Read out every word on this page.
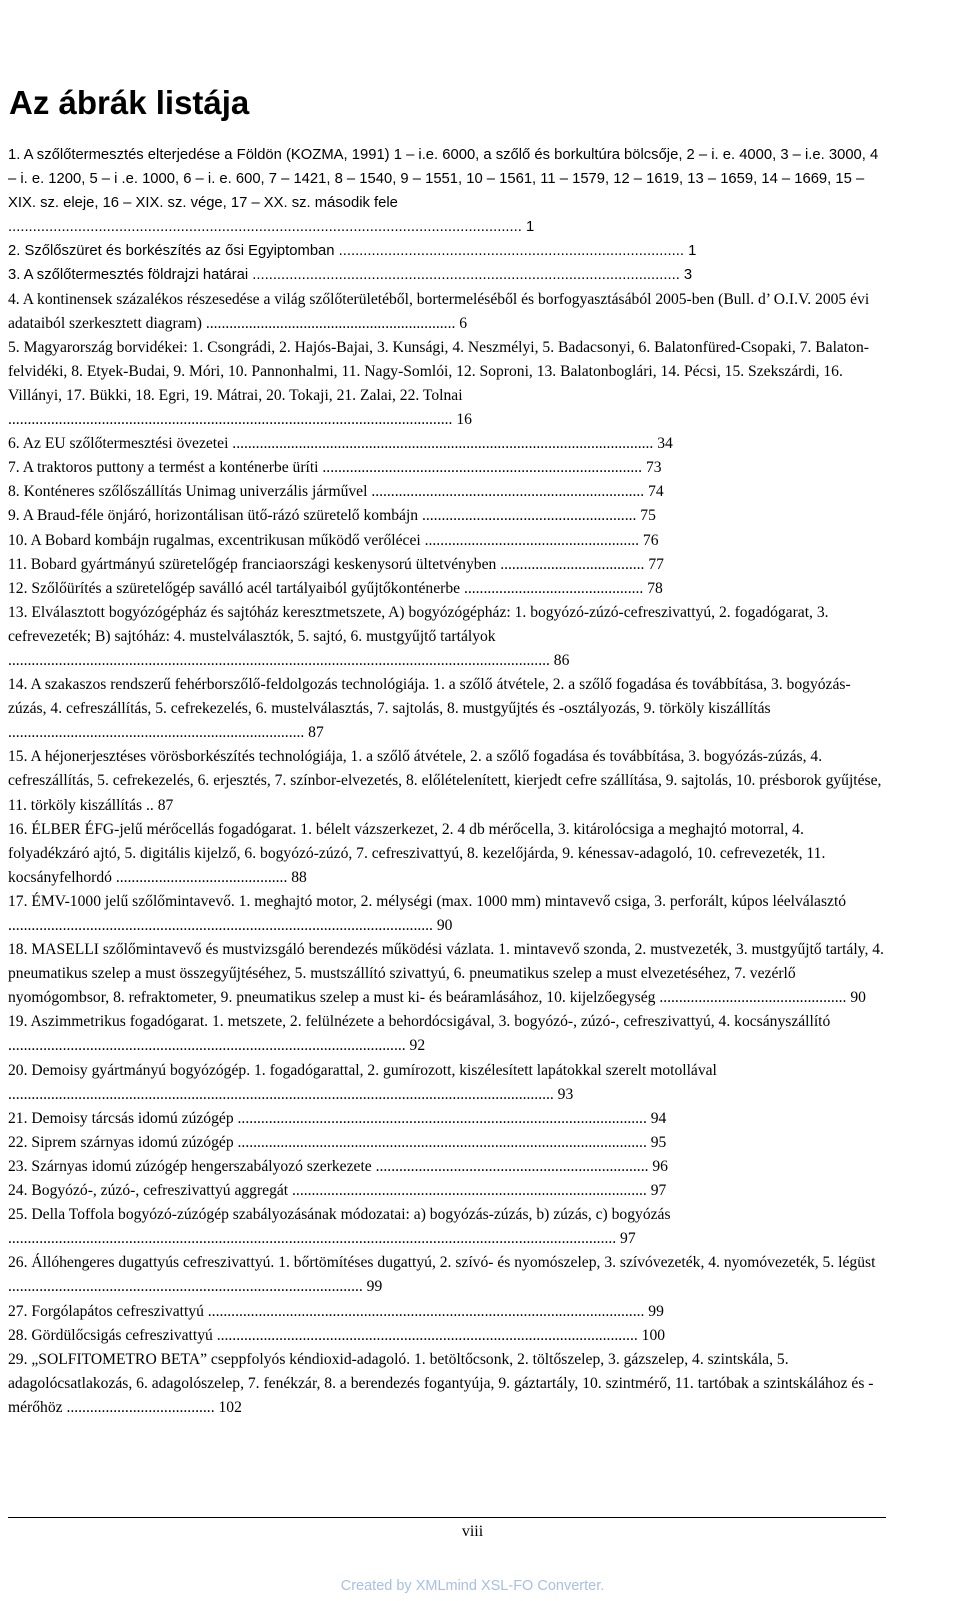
Az ábrák listája

1. A szőlőtermesztés elterjedése a Földön (KOZMA, 1991) 1 – i.e. 6000, a szőlő és borkultúra bölcsője, 2 – i. e. 4000, 3 – i.e. 3000, 4 – i. e. 1200, 5 – i .e. 1000, 6 – i. e. 600, 7 – 1421, 8 – 1540, 9 – 1551, 10 – 1561, 11 – 1579, 12 – 1619, 13 – 1659, 14 – 1669, 15 – XIX. sz. eleje, 16 – XIX. sz. vége, 17 – XX. sz. második fele ............................................................................................................................. 1

2. Szőlőszüret és borkészítés az ősi Egyiptomban .................................................................................... 1

3. A szőlőtermesztés földrajzi határai ........................................................................................................ 3

4. A kontinensek százalékos részesedése a világ szőlőterületéből, bortermeléséből és borfogyasztásából 2005-ben (Bull. d’ O.I.V. 2005 évi adataiból szerkesztett diagram) ................................................................ 6

5. Magyarország borvidékei: 1. Csongrádi, 2. Hajós-Bajai, 3. Kunsági, 4. Neszmélyi, 5. Badacsonyi, 6. Balatonfüred-Csopaki, 7. Balaton-felvidéki, 8. Etyek-Budai, 9. Móri, 10. Pannonhalmi, 11. Nagy-Somlói, 12. Soproni, 13. Balatonboglári, 14. Pécsi, 15. Szekszárdi, 16. Villányi, 17. Bükki, 18. Egri, 19. Mátrai, 20. Tokaji, 21. Zalai, 22. Tolnai .................................................................................................................. 16

6. Az EU szőlőtermesztési övezetei ............................................................................................................ 34

7. A traktoros puttony a termést a konténerbe üríti .................................................................................. 73

8. Konténeres szőlőszállítás Unimag univerzális járművel ...................................................................... 74

9. A Braud-féle önjáró, horizontálisan ütő-rázó szüretelő kombájn ....................................................... 75

10. A Bobard kombájn rugalmas, excentrikusan működő verőlécei ....................................................... 76

11. Bobard gyártmányú szüretelőgép franciaországi keskenysorú ültetvényben ..................................... 77

12. Szőlőürítés a szüretelőgép saválló acél tartályaiból gyűjtőkonténerbe .............................................. 78

13. Elválasztott bogyózógépház és sajtóház keresztmetszete, A) bogyózógépház: 1. bogyózó-zúzó-cefreszivattyú, 2. fogadógarat, 3. cefrevezeték; B) sajtóház: 4. mustelválasztók, 5. sajtó, 6. mustgyűjtő tartályok ........................................................................................................................................... 86

14. A szakaszos rendszerű fehérborszőlő-feldolgozás technológiája. 1. a szőlő átvétele, 2. a szőlő fogadása és továbbítása, 3. bogyózás-zúzás, 4. cefreszállítás, 5. cefrekezelés, 6. mustelválasztás, 7. sajtolás, 8. mustgyűjtés és -osztályozás, 9. törköly kiszállítás ............................................................................ 87

15. A héjonerjesztéses vörösborkészítés technológiája, 1. a szőlő átvétele, 2. a szőlő fogadása és továbbítása, 3. bogyózás-zúzás, 4. cefreszállítás, 5. cefrekezelés, 6. erjesztés, 7. színbor-elvezetés, 8. előlételenített, kierjedt cefre szállítása, 9. sajtolás, 10. présborok gyűjtése, 11. törköly kiszállítás .. 87

16. ÉLBER ÉFG-jelű mérőcellás fogadógarat. 1. bélelt vázszerkezet, 2. 4 db mérőcella, 3. kitárolócsiga a meghajtó motorral, 4. folyadékzáró ajtó, 5. digitális kijelző, 6. bogyózó-zúzó, 7. cefreszivattyú, 8. kezelőjárda, 9. kénessav-adagoló, 10. cefrevezeték, 11. kocsányfelhordó ............................................ 88

17. ÉMV-1000 jelű szőlőmintavevő. 1. meghajtó motor, 2. mélységi (max. 1000 mm) mintavevő csiga, 3. perforált, kúpos léelválasztó ............................................................................................................. 90

18. MASELLI szőlőmintavevő és mustvizsgáló berendezés működési vázlata. 1. mintavevő szonda, 2. mustvezeték, 3. mustgyűjtő tartály, 4. pneumatikus szelep a must összegyűjtéséhez, 5. mustszállító szivattyú, 6. pneumatikus szelep a must elvezetéséhez, 7. vezérlő nyomógombsor, 8. refraktometer, 9. pneumatikus szelep a must ki- és beáramlásához, 10. kijelzőegység ................................................ 90

19. Aszimmetrikus fogadógarat. 1. metszete, 2. felülnézete a behordócsigával, 3. bogyózó-, zúzó-, cefreszivattyú, 4. kocsányszállító ...................................................................................................... 92

20. Demoisy gyártmányú bogyózógép. 1. fogadógarattal, 2. gumírozott, kiszélesített lapátokkal szerelt motollával ............................................................................................................................................ 93

21. Demoisy tárcsás idomú zúzógép ......................................................................................................... 94

22. Siprem szárnyas idomú zúzógép ......................................................................................................... 95

23. Szárnyas idomú zúzógép hengerszabályozó szerkezete ...................................................................... 96

24. Bogyózó-, zúzó-, cefreszivattyú aggregát ........................................................................................... 97

25. Della Toffola bogyózó-zúzógép szabályozásának módozatai: a) bogyózás-zúzás, b) zúzás, c) bogyózás ............................................................................................................................................................ 97

26. Állóhengeres dugattyús cefreszivattyú. 1. bőrtömítéses dugattyú, 2. szívó- és nyomószelep, 3. szívóvezeték, 4. nyomóvezeték, 5. légüst ........................................................................................... 99

27. Forgólapátos cefreszivattyú ................................................................................................................ 99

28. Gördülőcsigás cefreszivattyú ............................................................................................................ 100

29. „SOLFITOMETRO BETA” cseppfolyós kéndioxid-adagoló. 1. betöltőcsonk, 2. töltőszelep, 3. gázszelep, 4. szintskála, 5. adagolócsatlakozás, 6. adagolószelep, 7. fenékzár, 8. a berendezés fogantyúja, 9. gáztartály, 10. szintmérő, 11. tartóbak a szintskálához és -mérőhöz ...................................... 102

viii
Created by XMLmind XSL-FO Converter.
